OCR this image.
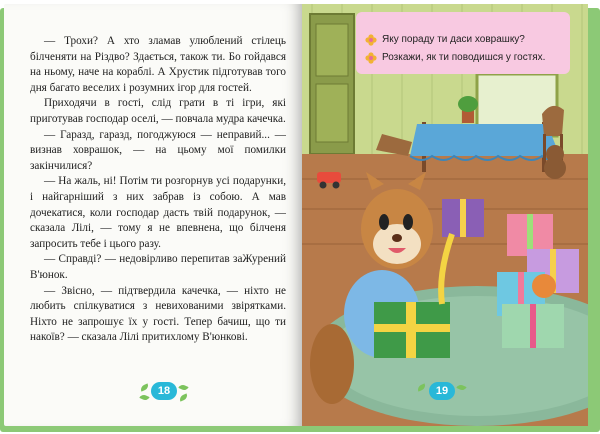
— Трохи? А хто зламав улюблений стілець білченяти на Різдво? Здається, також ти. Бо гойдався на ньому, наче на кораблі. А Хрустик підготував того дня багато веселих і розумних ігор для гостей.

Приходячи в гості, слід грати в ті ігри, які приготував господар оселі, — повчала мудра качечка.

— Гаразд, гаразд, погоджуюся — неправий... — визнав ховрашок, — на цьому мої помилки закінчилися?

— На жаль, ні! Потім ти розгорнув усі подарунки, і найгарніший з них забрав із собою. А мав дочекатися, коли господар дасть твій подарунок, — сказала Лілі, — тому я не впевнена, що білченя запросить тебе і цього разу.

— Справді? — недовірливо перепитав заЖурений В'юнок.

— Звісно, — підтвердила качечка, — ніхто не любить спілкуватися з невихованими звірятками. Ніхто не запрошує їх у гості. Тепер бачиш, що ти накоїв? — сказала Лілі притихлому В'юнкові.

18	19
Яку пораду ти даси ховрашку?
Розкажи, як ти поводишся у гостях.
